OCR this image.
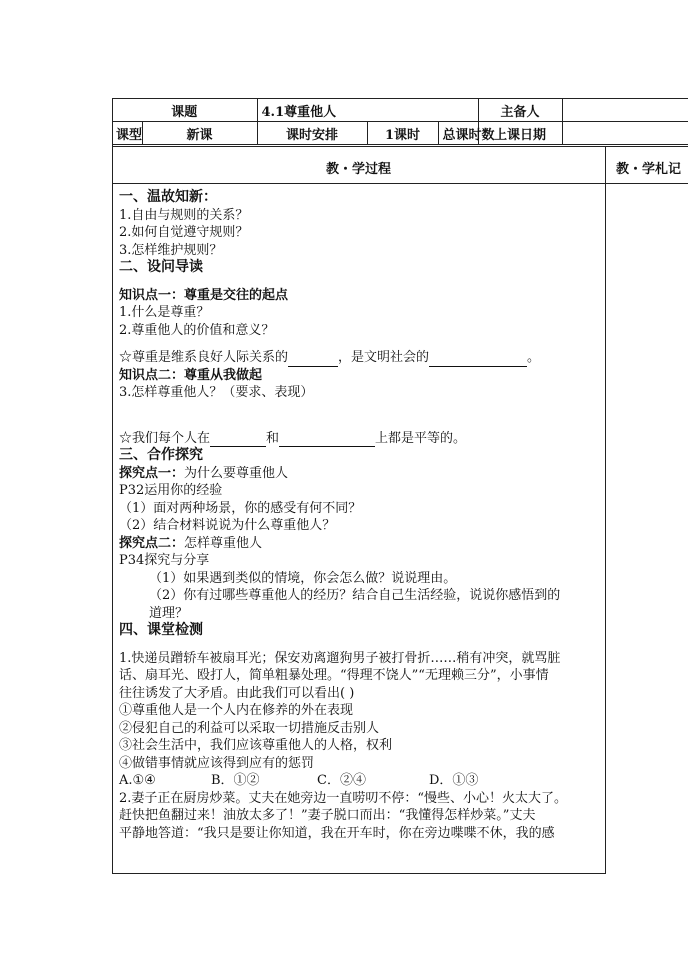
课题		4.1尊重他人			主备人	
课型	新课	课时安排	1课时	总课时数	上课日期	
教・学过程	教・学札记
一、温故知新：
1.自由与规则的关系？
2.如何自觉遵守规则？
3.怎样维护规则？
二、设问导读
知识点一：尊重是交往的起点
1.什么是尊重？
2.尊重他人的价值和意义？
☆尊重是维系良好人际关系的	，是文明社会的	。
知识点二：尊重从我做起
3.怎样尊重他人？（要求、表现）
☆我们每个人在	和	上都是平等的。
三、合作探究
探究点一：为什么要尊重他人
P32运用你的经验
（1）面对两种场景，你的感受有何不同？
（2）结合材料说说为什么尊重他人？
探究点二：怎样尊重他人
P34探究与分享
（1）如果遇到类似的情境，你会怎么做？说说理由。
（2）你有过哪些尊重他人的经历？结合自己生活经验，说说你感悟到的
道理？
四、课堂检测
1.快递员蹭轿车被扇耳光；保安劝离遛狗男子被打骨折……稍有冲突，就骂脏
话、扇耳光、殴打人，简单粗暴处理。“得理不饶人”“无理赖三分”，小事情
往往诱发了大矛盾。由此我们可以看出( )
①尊重他人是一个人内在修养的外在表现
②侵犯自己的利益可以采取一切措施反击别人
③社会生活中，我们应该尊重他人的人格，权利
④做错事情就应该得到应有的惩罚
A.①④	B．①②	C．②④	D．①③
2.妻子正在厨房炒菜。丈夫在她旁边一直唠叨不停：“慢些、小心！火太大了。
赶快把鱼翻过来！油放太多了！”妻子脱口而出：“我懂得怎样炒菜。”丈夫
平静地答道：“我只是要让你知道，我在开车时，你在旁边喋喋不休，我的感
